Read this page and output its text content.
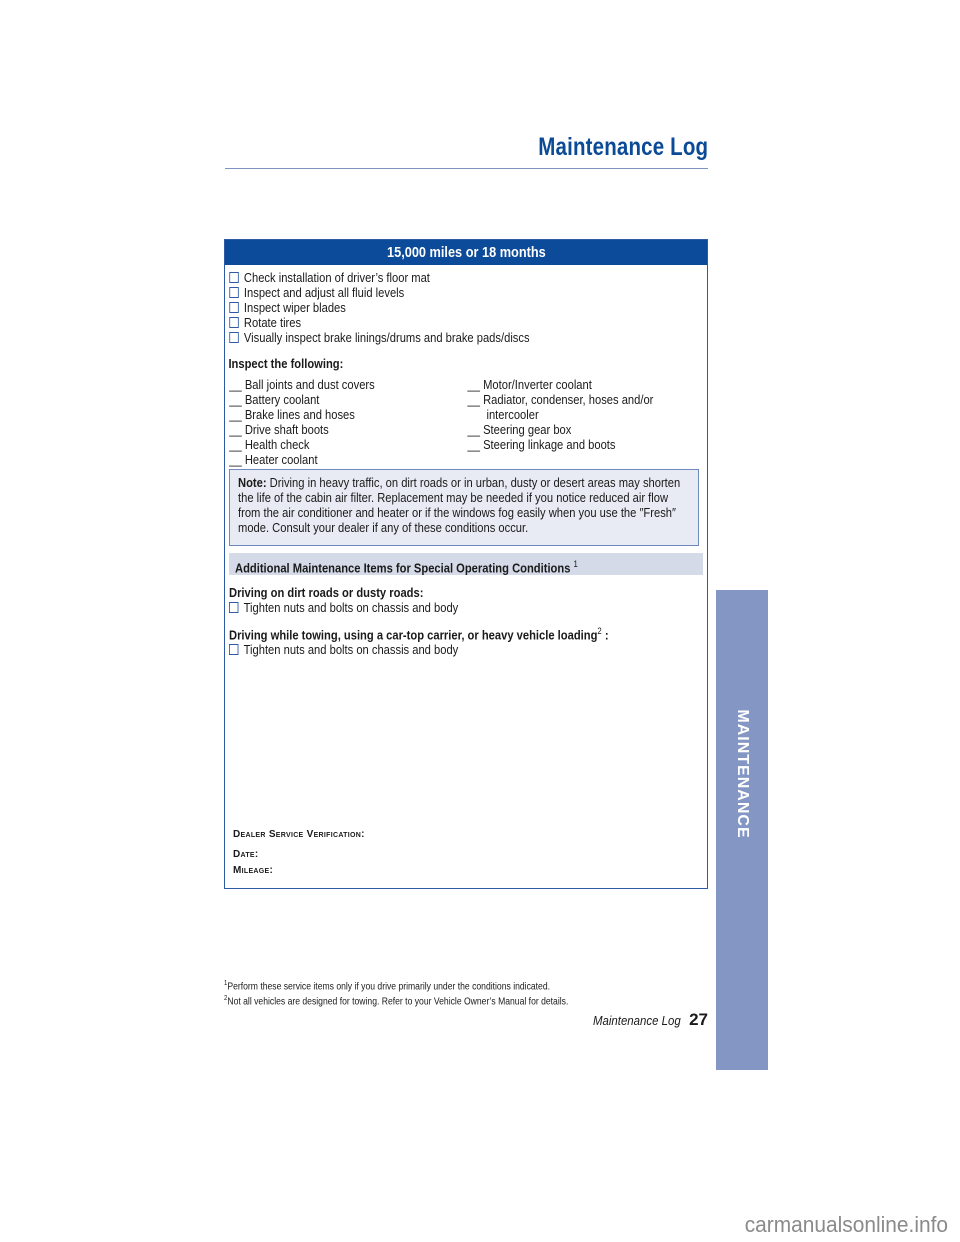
Maintenance Log
15,000 miles or 18 months
Check installation of driver’s floor mat
Inspect and adjust all fluid levels
Inspect wiper blades
Rotate tires
Visually inspect brake linings/drums and brake pads/discs
Inspect the following:
__ Ball joints and dust covers
__ Battery coolant
__ Brake lines and hoses
__ Drive shaft boots
__ Health check
__ Heater coolant
__ Motor/Inverter coolant
__ Radiator, condenser, hoses and/or
intercooler
__ Steering gear box
__ Steering linkage and boots
Note: Driving in heavy traffic, on dirt roads or in urban, dusty or desert areas may shorten the life of the cabin air filter. Replacement may be needed if you notice reduced air flow from the air conditioner and heater or if the windows fog easily when you use the ″Fresh″ mode. Consult your dealer if any of these conditions occur.
Additional Maintenance Items for Special Operating Conditions $^1$
Driving on dirt roads or dusty roads:
Tighten nuts and bolts on chassis and body
Driving while towing, using a car-top carrier, or heavy vehicle loading$^2$ :
Tighten nuts and bolts on chassis and body
Dealer Service Verification:
Date:
Mileage:
$^1$Perform these service items only if you drive primarily under the conditions indicated.
$^2$Not all vehicles are designed for towing. Refer to your Vehicle Owner’s Manual for details.
Maintenance Log 27
MAINTENANCE
carmanualsonline.info
